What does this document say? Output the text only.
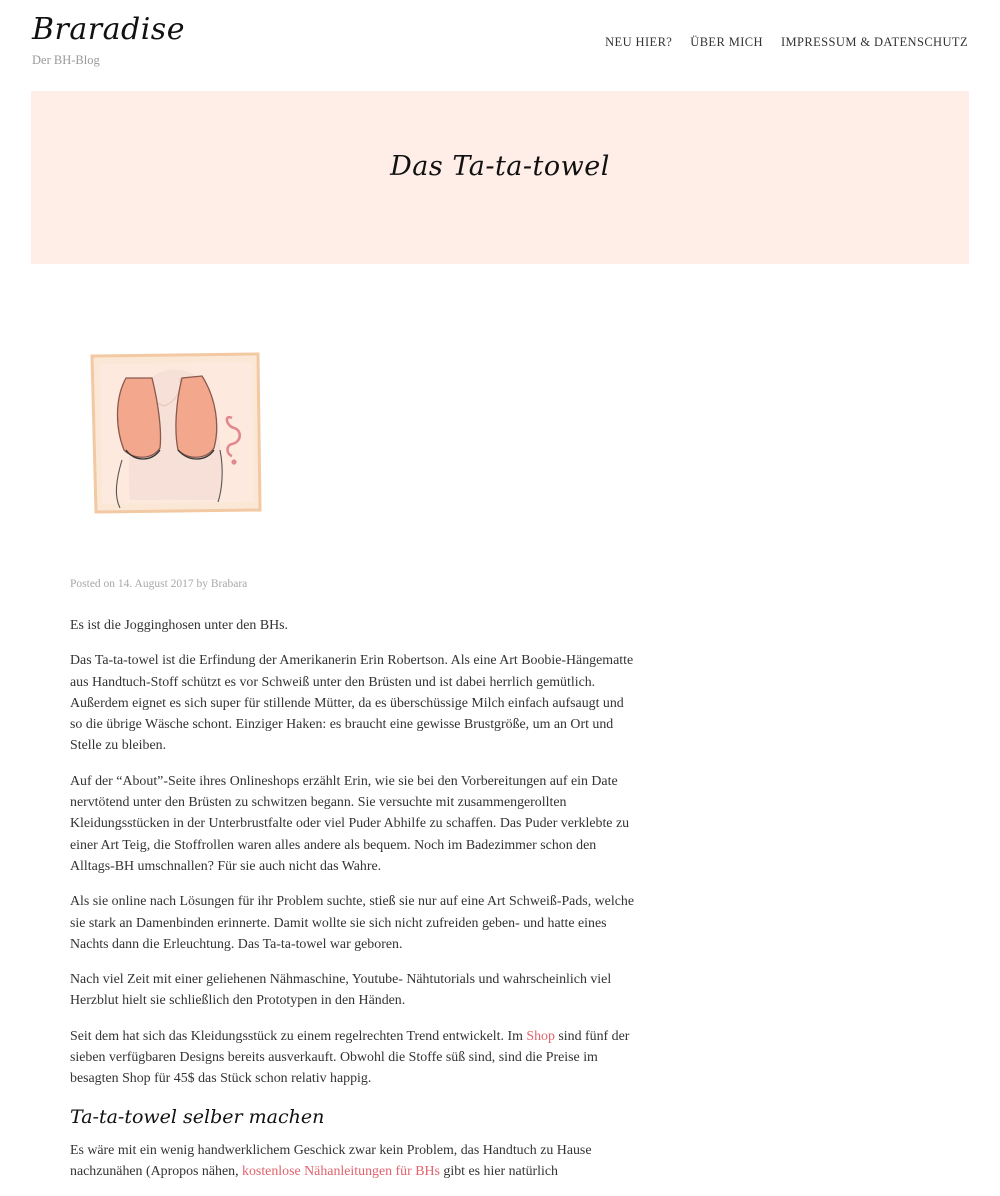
Braradise
Der BH-Blog
NEU HIER? ÜBER MICH IMPRESSUM & DATENSCHUTZ
Das Ta-ta-towel
Posted on 14. August 2017 by Brabara

Es ist die Jogginghosen unter den BHs.

Das Ta-ta-towel ist die Erfindung der Amerikanerin Erin Robertson. Als eine Art Boobie-Hängematte aus Handtuch-Stoff schützt es vor Schweiß unter den Brüsten und ist dabei herrlich gemütlich. Außerdem eignet es sich super für stillende Mütter, da es überschüssige Milch einfach aufsaugt und so die übrige Wäsche schont. Einziger Haken: es braucht eine gewisse Brustgröße, um an Ort und Stelle zu bleiben.

Auf der “About”-Seite ihres Onlineshops erzählt Erin, wie sie bei den Vorbereitungen auf ein Date nervtötend unter den Brüsten zu schwitzen begann. Sie versuchte mit zusammengerollten Kleidungsstücken in der Unterbrustfalte oder viel Puder Abhilfe zu schaffen. Das Puder verklebte zu einer Art Teig, die Stoffrollen waren alles andere als bequem. Noch im Badezimmer schon den Alltags-BH umschnallen? Für sie auch nicht das Wahre.

Als sie online nach Lösungen für ihr Problem suchte, stieß sie nur auf eine Art Schweiß-Pads, welche sie stark an Damenbinden erinnerte. Damit wollte sie sich nicht zufreiden geben- und hatte eines Nachts dann die Erleuchtung. Das Ta-ta-towel war geboren.

Nach viel Zeit mit einer geliehenen Nähmaschine, Youtube- Nähtutorials und wahrscheinlich viel Herzblut hielt sie schließlich den Prototypen in den Händen.

Seit dem hat sich das Kleidungsstück zu einem regelrechten Trend entwickelt. Im Shop sind fünf der sieben verfügbaren Designs bereits ausverkauft. Obwohl die Stoffe süß sind, sind die Preise im besagten Shop für 45$ das Stück schon relativ happig.

Ta-ta-towel selber machen

Es wäre mit ein wenig handwerklichem Geschick zwar kein Problem, das Handtuch zu Hause nachzunähen (Apropos nähen, kostenlose Nähanleitungen für BHs gibt es hier natürlich
